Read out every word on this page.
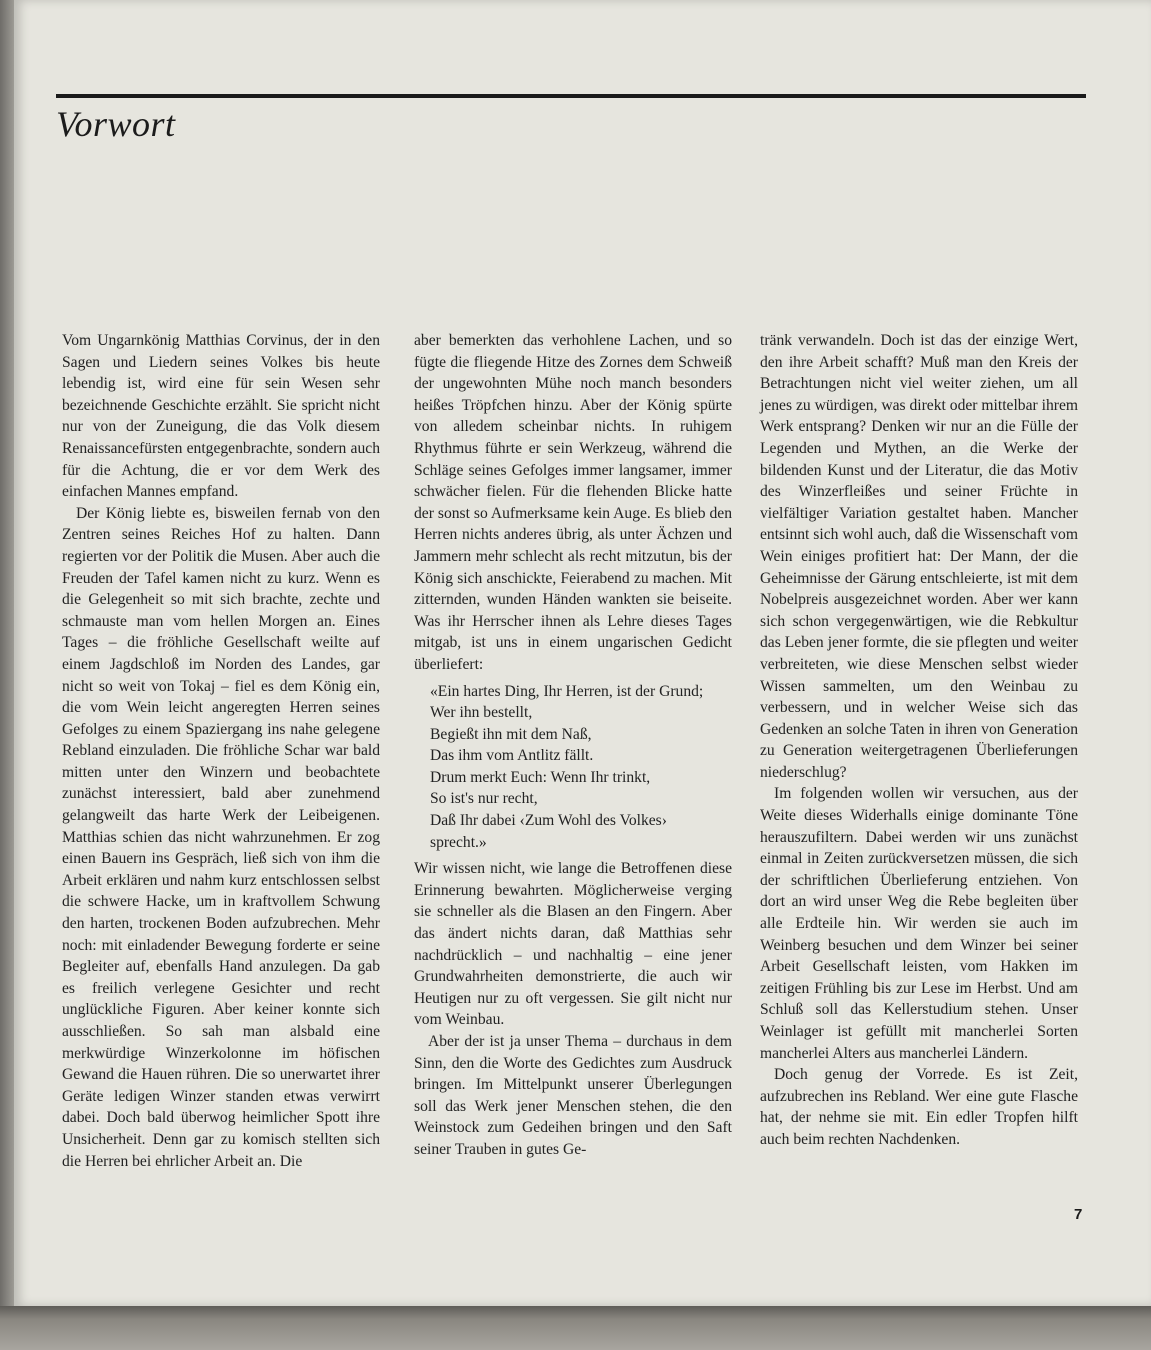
Vorwort

Vom Ungarnkönig Matthias Corvinus, der in den Sagen und Liedern seines Volkes bis heute lebendig ist, wird eine für sein Wesen sehr bezeichnende Geschichte erzählt. Sie spricht nicht nur von der Zuneigung, die das Volk diesem Renaissancefürsten entgegenbrachte, sondern auch für die Achtung, die er vor dem Werk des einfachen Mannes empfand.

Der König liebte es, bisweilen fernab von den Zentren seines Reiches Hof zu halten. Dann regierten vor der Politik die Musen. Aber auch die Freuden der Tafel kamen nicht zu kurz. Wenn es die Gelegenheit so mit sich brachte, zechte und schmauste man vom hellen Morgen an. Eines Tages – die fröhliche Gesellschaft weilte auf einem Jagdschloß im Norden des Landes, gar nicht so weit von Tokaj – fiel es dem König ein, die vom Wein leicht angeregten Herren seines Gefolges zu einem Spaziergang ins nahe gelegene Rebland einzuladen. Die fröhliche Schar war bald mitten unter den Winzern und beobachtete zunächst interessiert, bald aber zunehmend gelangweilt das harte Werk der Leibeigenen. Matthias schien das nicht wahrzunehmen. Er zog einen Bauern ins Gespräch, ließ sich von ihm die Arbeit erklären und nahm kurz entschlossen selbst die schwere Hacke, um in kraftvollem Schwung den harten, trockenen Boden aufzubrechen. Mehr noch: mit einladender Bewegung forderte er seine Begleiter auf, ebenfalls Hand anzulegen. Da gab es freilich verlegene Gesichter und recht unglückliche Figuren. Aber keiner konnte sich ausschließen. So sah man alsbald eine merkwürdige Winzerkolonne im höfischen Gewand die Hauen rühren. Die so unerwartet ihrer Geräte ledigen Winzer standen etwas verwirrt dabei. Doch bald überwog heimlicher Spott ihre Unsicherheit. Denn gar zu komisch stellten sich die Herren bei ehrlicher Arbeit an. Die

aber bemerkten das verhohlene Lachen, und so fügte die fliegende Hitze des Zornes dem Schweiß der ungewohnten Mühe noch manch besonders heißes Tröpfchen hinzu. Aber der König spürte von alledem scheinbar nichts. In ruhigem Rhythmus führte er sein Werkzeug, während die Schläge seines Gefolges immer langsamer, immer schwächer fielen. Für die flehenden Blicke hatte der sonst so Aufmerksame kein Auge. Es blieb den Herren nichts anderes übrig, als unter Ächzen und Jammern mehr schlecht als recht mitzutun, bis der König sich anschickte, Feierabend zu machen. Mit zitternden, wunden Händen wankten sie beiseite. Was ihr Herrscher ihnen als Lehre dieses Tages mitgab, ist uns in einem ungarischen Gedicht überliefert:

«Ein hartes Ding, Ihr Herren, ist der Grund;
Wer ihn bestellt,
Begießt ihn mit dem Naß,
Das ihm vom Antlitz fällt.
Drum merkt Euch: Wenn Ihr trinkt,
So ist's nur recht,
Daß Ihr dabei ‹Zum Wohl des Volkes›
sprecht.»

Wir wissen nicht, wie lange die Betroffenen diese Erinnerung bewahrten. Möglicherweise verging sie schneller als die Blasen an den Fingern. Aber das ändert nichts daran, daß Matthias sehr nachdrücklich – und nachhaltig – eine jener Grundwahrheiten demonstrierte, die auch wir Heutigen nur zu oft vergessen. Sie gilt nicht nur vom Weinbau.

Aber der ist ja unser Thema – durchaus in dem Sinn, den die Worte des Gedichtes zum Ausdruck bringen. Im Mittelpunkt unserer Überlegungen soll das Werk jener Menschen stehen, die den Weinstock zum Gedeihen bringen und den Saft seiner Trauben in gutes Ge-

tränk verwandeln. Doch ist das der einzige Wert, den ihre Arbeit schafft? Muß man den Kreis der Betrachtungen nicht viel weiter ziehen, um all jenes zu würdigen, was direkt oder mittelbar ihrem Werk entsprang? Denken wir nur an die Fülle der Legenden und Mythen, an die Werke der bildenden Kunst und der Literatur, die das Motiv des Winzerfleißes und seiner Früchte in vielfältiger Variation gestaltet haben. Mancher entsinnt sich wohl auch, daß die Wissenschaft vom Wein einiges profitiert hat: Der Mann, der die Geheimnisse der Gärung entschleierte, ist mit dem Nobelpreis ausgezeichnet worden. Aber wer kann sich schon vergegenwärtigen, wie die Rebkultur das Leben jener formte, die sie pflegten und weiter verbreiteten, wie diese Menschen selbst wieder Wissen sammelten, um den Weinbau zu verbessern, und in welcher Weise sich das Gedenken an solche Taten in ihren von Generation zu Generation weitergetragenen Überlieferungen niederschlug?

Im folgenden wollen wir versuchen, aus der Weite dieses Widerhalls einige dominante Töne herauszufiltern. Dabei werden wir uns zunächst einmal in Zeiten zurückversetzen müssen, die sich der schriftlichen Überlieferung entziehen. Von dort an wird unser Weg die Rebe begleiten über alle Erdteile hin. Wir werden sie auch im Weinberg besuchen und dem Winzer bei seiner Arbeit Gesellschaft leisten, vom Hakken im zeitigen Frühling bis zur Lese im Herbst. Und am Schluß soll das Kellerstudium stehen. Unser Weinlager ist gefüllt mit mancherlei Sorten mancherlei Alters aus mancherlei Ländern.

Doch genug der Vorrede. Es ist Zeit, aufzubrechen ins Rebland. Wer eine gute Flasche hat, der nehme sie mit. Ein edler Tropfen hilft auch beim rechten Nachdenken.

7
